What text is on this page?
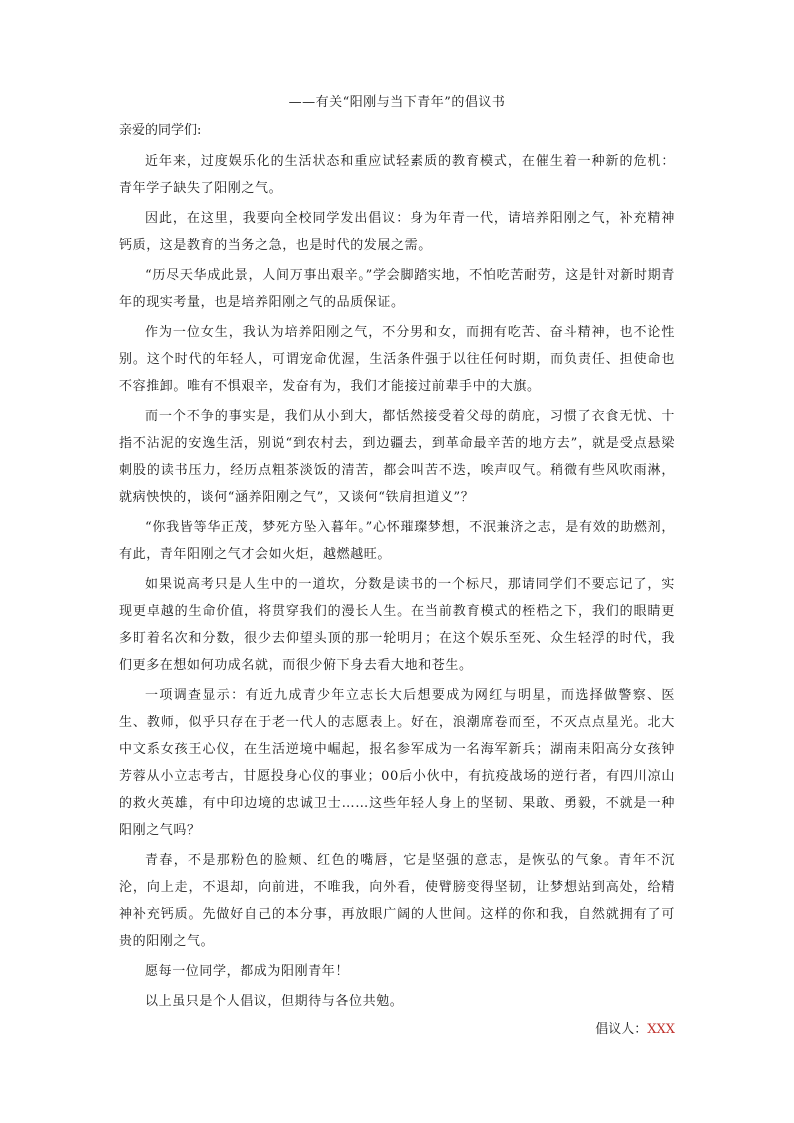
——有关“阳刚与当下青年”的倡议书
亲爱的同学们:

近年来，过度娱乐化的生活状态和重应试轻素质的教育模式，在催生着一种新的危机：青年学子缺失了阳刚之气。

因此，在这里，我要向全校同学发出倡议：身为年青一代，请培养阳刚之气，补充精神钙质，这是教育的当务之急，也是时代的发展之需。

“历尽天华成此景，人间万事出艰辛。”学会脚踏实地，不怕吃苦耐劳，这是针对新时期青年的现实考量，也是培养阳刚之气的品质保证。

作为一位女生，我认为培养阳刚之气，不分男和女，而拥有吃苦、奋斗精神，也不论性别。这个时代的年轻人，可谓宠命优渥，生活条件强于以往任何时期，而负责任、担使命也不容推卸。唯有不惧艰辛，发奋有为，我们才能接过前辈手中的大旗。

而一个不争的事实是，我们从小到大，都恬然接受着父母的荫庇，习惯了衣食无忧、十指不沾泥的安逸生活，别说“到农村去，到边疆去，到革命最辛苦的地方去”，就是受点悬梁刺股的读书压力，经历点粗茶淡饭的清苦，都会叫苦不迭，唉声叹气。稍微有些风吹雨淋，就病怏怏的，谈何“涵养阳刚之气”，又谈何“铁肩担道义”？

“你我皆等华正茂，梦死方坠入暮年。”心怀璀璨梦想，不泯兼济之志，是有效的助燃剂，有此，青年阳刚之气才会如火炬，越燃越旺。

如果说高考只是人生中的一道坎，分数是读书的一个标尺，那请同学们不要忘记了，实现更卓越的生命价值，将贯穿我们的漫长人生。在当前教育模式的桎梏之下，我们的眼睛更多盯着名次和分数，很少去仰望头顶的那一轮明月；在这个娱乐至死、众生轻浮的时代，我们更多在想如何功成名就，而很少俯下身去看大地和苍生。

一项调查显示：有近九成青少年立志长大后想要成为网红与明星，而选择做警察、医生、教师，似乎只存在于老一代人的志愿表上。好在，浪潮席卷而至，不灭点点星光。北大中文系女孩王心仪，在生活逆境中崛起，报名参军成为一名海军新兵；湖南耒阳高分女孩钟芳蓉从小立志考古，甘愿投身心仪的事业；00后小伙中，有抗疫战场的逆行者，有四川凉山的救火英雄，有中印边境的忠诚卫士……这些年轻人身上的坚韧、果敢、勇毅，不就是一种阳刚之气吗？

青春，不是那粉色的脸颊、红色的嘴唇，它是坚强的意志，是恢弘的气象。青年不沉沦，向上走，不退却，向前进，不唯我，向外看，使臂膀变得坚韧，让梦想站到高处，给精神补充钙质。先做好自己的本分事，再放眼广阔的人世间。这样的你和我，自然就拥有了可贵的阳刚之气。

愿每一位同学，都成为阳刚青年！

以上虽只是个人倡议，但期待与各位共勉。

倡议人：XXX
